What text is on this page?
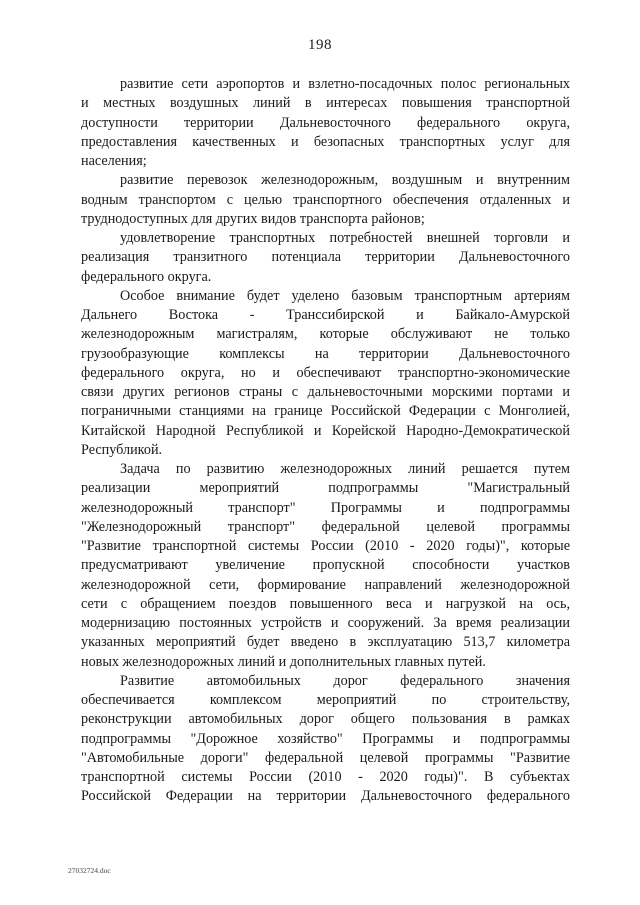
198

развитие сети аэропортов и взлетно-посадочных полос региональных
и местных воздушных линий в интересах повышения транспортной
доступности территории Дальневосточного федерального округа,
предоставления качественных и безопасных транспортных услуг для
населения;

развитие перевозок железнодорожным, воздушным и внутренним
водным транспортом с целью транспортного обеспечения отдаленных и
труднодоступных для других видов транспорта районов;

удовлетворение транспортных потребностей внешней торговли и
реализация транзитного потенциала территории Дальневосточного
федерального округа.

Особое внимание будет уделено базовым транспортным артериям
Дальнего Востока - Транссибирской и Байкало-Амурской
железнодорожным магистралям, которые обслуживают не только
грузообразующие комплексы на территории Дальневосточного
федерального округа, но и обеспечивают транспортно-экономические
связи других регионов страны с дальневосточными морскими портами и
пограничными станциями на границе Российской Федерации с Монголией,
Китайской Народной Республикой и Корейской Народно-Демократической
Республикой.

Задача по развитию железнодорожных линий решается путем
реализации мероприятий подпрограммы "Магистральный
железнодорожный транспорт" Программы и подпрограммы
"Железнодорожный транспорт" федеральной целевой программы
"Развитие транспортной системы России (2010 - 2020 годы)", которые
предусматривают увеличение пропускной способности участков
железнодорожной сети, формирование направлений железнодорожной
сети с обращением поездов повышенного веса и нагрузкой на ось,
модернизацию постоянных устройств и сооружений. За время реализации
указанных мероприятий будет введено в эксплуатацию 513,7 километра
новых железнодорожных линий и дополнительных главных путей.

Развитие автомобильных дорог федерального значения
обеспечивается комплексом мероприятий по строительству,
реконструкции автомобильных дорог общего пользования в рамках
подпрограммы "Дорожное хозяйство" Программы и подпрограммы
"Автомобильные дороги" федеральной целевой программы "Развитие
транспортной системы России (2010 - 2020 годы)". В субъектах
Российской Федерации на территории Дальневосточного федерального

27032724.doc
